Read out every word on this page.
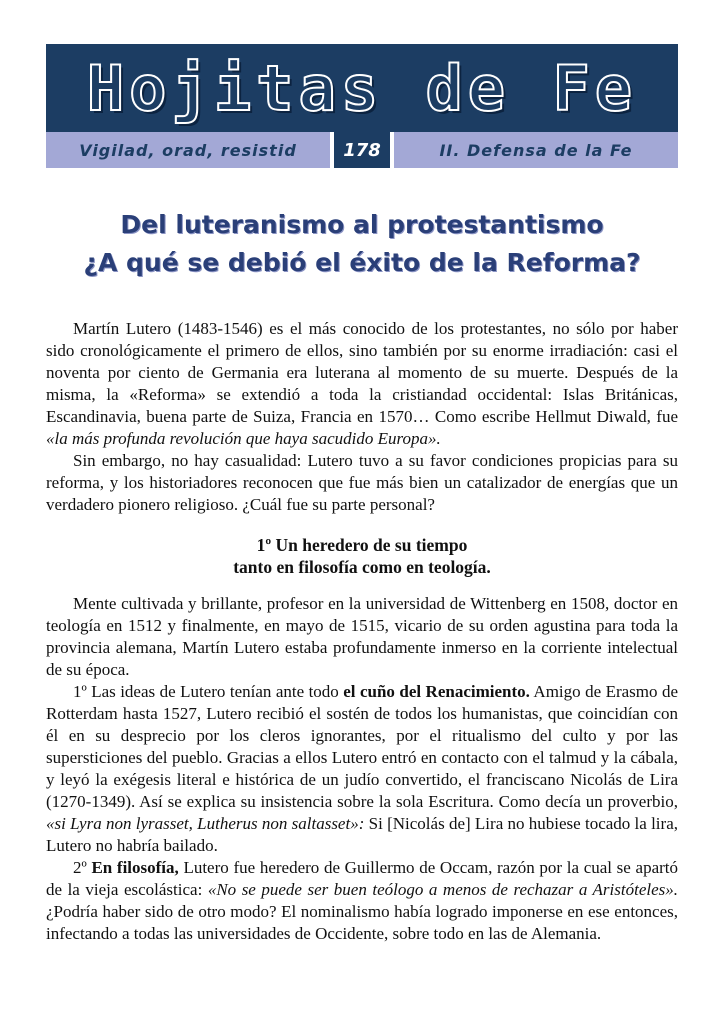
Hojitas de Fe
Vigilad, orad, resistid	178	II. Defensa de la Fe
Del luteranismo al protestantismo
¿A qué se debió el éxito de la Reforma?

Martín Lutero (1483-1546) es el más conocido de los protestantes, no sólo por haber sido cronológicamente el primero de ellos, sino también por su enorme irradiación: casi el noventa por ciento de Germania era luterana al momento de su muerte. Después de la misma, la «Reforma» se extendió a toda la cristiandad occidental: Islas Británicas, Escandinavia, buena parte de Suiza, Francia en 1570… Como escribe Hellmut Diwald, fue «la más profunda revolución que haya sacudido Europa».

Sin embargo, no hay casualidad: Lutero tuvo a su favor condiciones propicias para su reforma, y los historiadores reconocen que fue más bien un catalizador de energías que un verdadero pionero religioso. ¿Cuál fue su parte personal?

1º Un heredero de su tiempo
tanto en filosofía como en teología.

Mente cultivada y brillante, profesor en la universidad de Wittenberg en 1508, doctor en teología en 1512 y finalmente, en mayo de 1515, vicario de su orden agustina para toda la provincia alemana, Martín Lutero estaba profundamente inmerso en la corriente intelectual de su época.

1º Las ideas de Lutero tenían ante todo el cuño del Renacimiento. Amigo de Erasmo de Rotterdam hasta 1527, Lutero recibió el sostén de todos los humanistas, que coincidían con él en su desprecio por los cleros ignorantes, por el ritualismo del culto y por las supersticiones del pueblo. Gracias a ellos Lutero entró en contacto con el talmud y la cábala, y leyó la exégesis literal e histórica de un judío convertido, el franciscano Nicolás de Lira (1270-1349). Así se explica su insistencia sobre la sola Escritura. Como decía un proverbio, «si Lyra non lyrasset, Lutherus non saltasset»: Si [Nicolás de] Lira no hubiese tocado la lira, Lutero no habría bailado.

2º En filosofía, Lutero fue heredero de Guillermo de Occam, razón por la cual se apartó de la vieja escolástica: «No se puede ser buen teólogo a menos de rechazar a Aristóteles». ¿Podría haber sido de otro modo? El nominalismo había logrado imponerse en ese entonces, infectando a todas las universidades de Occidente, sobre todo en las de Alemania.
